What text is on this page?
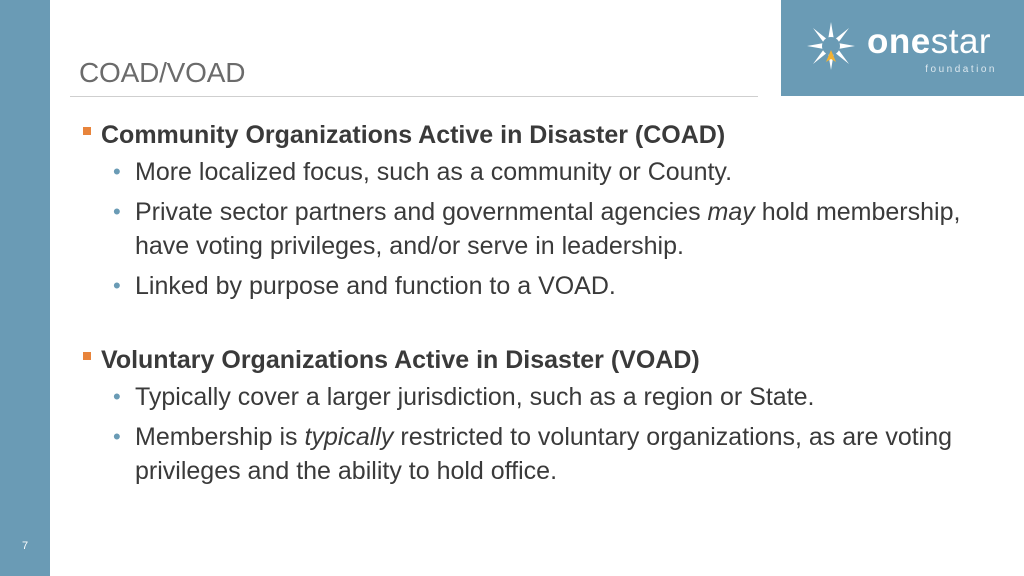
7
onestar
foundation
COAD/VOAD
Community Organizations Active in Disaster (COAD)
• More localized focus, such as a community or County.
• Private sector partners and governmental agencies may hold membership, have voting privileges, and/or serve in leadership.
• Linked by purpose and function to a VOAD.
Voluntary Organizations Active in Disaster (VOAD)
• Typically cover a larger jurisdiction, such as a region or State.
• Membership is typically restricted to voluntary organizations, as are voting privileges and the ability to hold office.
